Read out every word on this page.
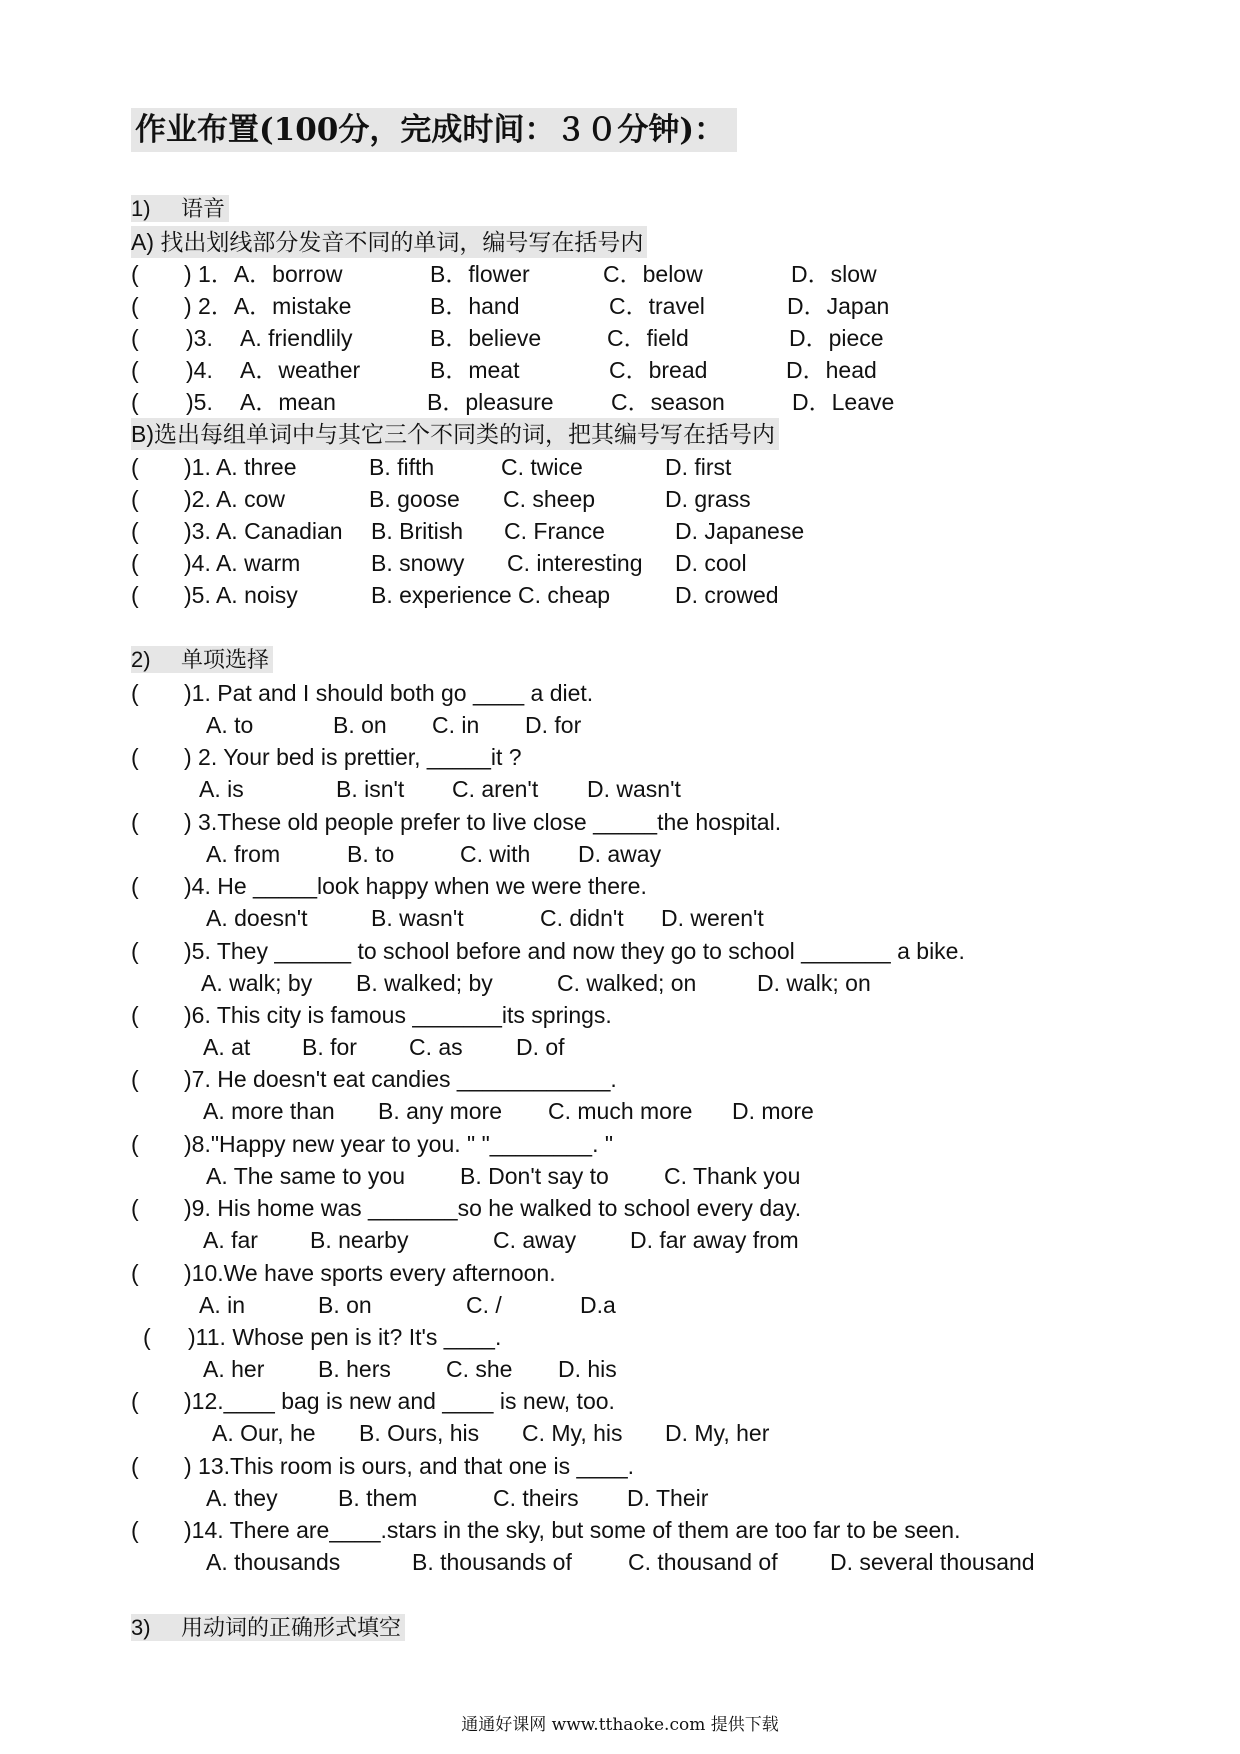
作业布置(100分，完成时间：３０分钟)：
1) 语音
A) 找出划线部分发音不同的单词，编号写在括号内
( ) 1．A．borrow	B．flower	C．below	D．slow
( ) 2．A．mistake	B．hand	C．travel	D．Japan
( )3. A. friendlily	B．believe	C．field	D．piece
( )4. A．weather	B．meat	C．bread	D．head
( )5. A．mean	B．pleasure C．season	D．Leave
B)选出每组单词中与其它三个不同类的词，把其编号写在括号内
( )1. A. three	B. fifth	C. twice	D. first
( )2. A. cow	B. goose C. sheep	D. grass
( )3. A. Canadian B. British C. France	D. Japanese
( )4. A. warm	B. snowy C. interesting D. cool
( )5. A. noisy	B. experience C. cheap	D. crowed
2) 单项选择
( )1. Pat and I should both go ____ a diet.
A. to	B. on C. in D. for
( ) 2. Your bed is prettier, _____it ?
A. is	B. isn't C. aren't D. wasn't
( ) 3.These old people prefer to live close _____the hospital.
A. from	B. to	C. with D. away
( )4. He _____look happy when we were there.
A. doesn't	B. wasn't	C. didn't D. weren't
( )5. They ______ to school before and now they go to school _______ a bike.
A. walk; by B. walked; by	C. walked; on	D. walk; on
( )6. This city is famous _______its springs.
A. at B. for C. as D. of
( )7. He doesn't eat candies ____________.
A. more than B. any more C. much more D. more
( )8."Happy new year to you. " "________. "
A. The same to you B. Don't say to C. Thank you
( )9. His home was _______so he walked to school every day.
A. far B. nearby	C. away D. far away from
( )10.We have sports every afternoon.
A. in	B. on	C. /	D.a
( )11. Whose pen is it? It's ____.
A. her B. hers C. she D. his
( )12.____ bag is new and ____ is new, too.
A. Our, he B. Ours, his C. My, his D. My, her
( ) 13.This room is ours, and that one is ____.
A. they	B. them	C. theirs D. Their
( )14. There are____.stars in the sky, but some of them are too far to be seen.
A. thousands	B. thousands of C. thousand of D. several thousand
3) 用动词的正确形式填空
通通好课网 www.tthaoke.com 提供下载
